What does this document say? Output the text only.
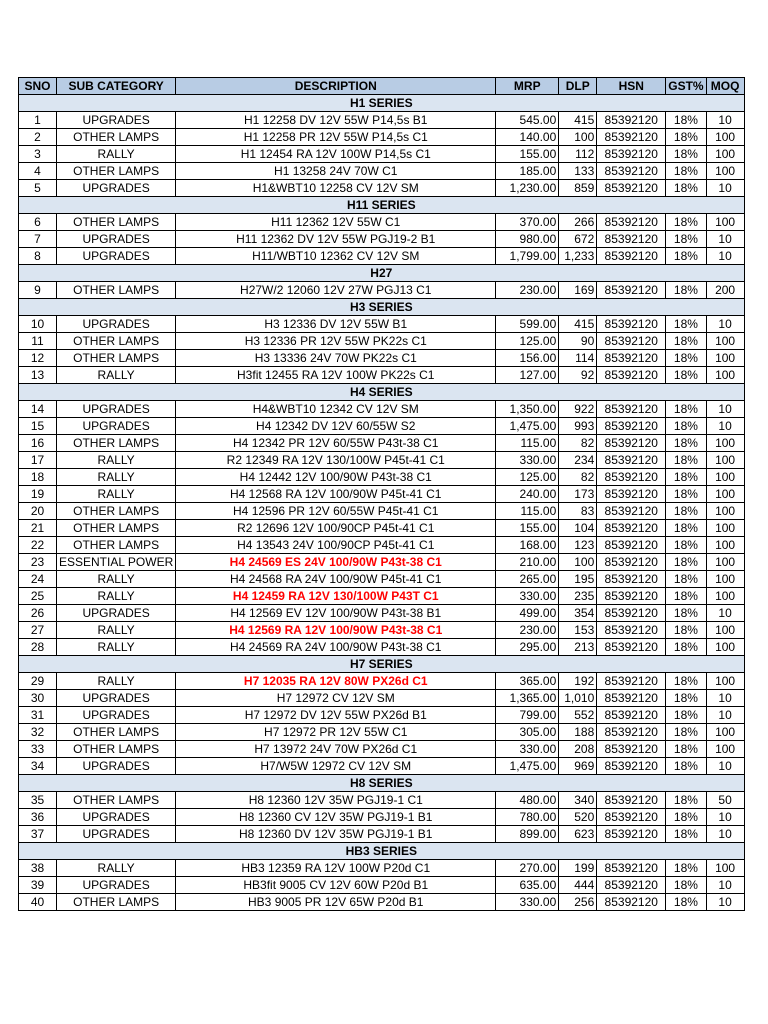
SNO	SUB CATEGORY	DESCRIPTION	MRP	DLP	HSN	GST%	MOQ
H1 SERIES							
1	UPGRADES	H1 12258 DV 12V 55W P14,5s B1	545.00	415	85392120	18%	10
2	OTHER LAMPS	H1 12258 PR 12V 55W P14,5s C1	140.00	100	85392120	18%	100
3	RALLY	H1 12454 RA 12V 100W P14,5s C1	155.00	112	85392120	18%	100
4	OTHER LAMPS	H1 13258 24V 70W C1	185.00	133	85392120	18%	100
5	UPGRADES	H1&WBT10 12258 CV 12V SM	1,230.00	859	85392120	18%	10
H11 SERIES							
6	OTHER LAMPS	H11 12362 12V 55W C1	370.00	266	85392120	18%	100
7	UPGRADES	H11 12362 DV 12V 55W PGJ19-2 B1	980.00	672	85392120	18%	10
8	UPGRADES	H11/WBT10 12362 CV 12V SM	1,799.00	1,233	85392120	18%	10
H27							
9	OTHER LAMPS	H27W/2 12060 12V 27W PGJ13 C1	230.00	169	85392120	18%	200
H3 SERIES							
10	UPGRADES	H3 12336 DV 12V 55W B1	599.00	415	85392120	18%	10
11	OTHER LAMPS	H3 12336 PR 12V 55W PK22s C1	125.00	90	85392120	18%	100
12	OTHER LAMPS	H3 13336 24V 70W PK22s C1	156.00	114	85392120	18%	100
13	RALLY	H3fit 12455 RA 12V 100W PK22s C1	127.00	92	85392120	18%	100
H4 SERIES							
14	UPGRADES	H4&WBT10 12342 CV 12V SM	1,350.00	922	85392120	18%	10
15	UPGRADES	H4 12342 DV 12V 60/55W S2	1,475.00	993	85392120	18%	10
16	OTHER LAMPS	H4 12342 PR 12V 60/55W P43t-38 C1	115.00	82	85392120	18%	100
17	RALLY	R2 12349 RA 12V 130/100W P45t-41 C1	330.00	234	85392120	18%	100
18	RALLY	H4 12442 12V 100/90W P43t-38 C1	125.00	82	85392120	18%	100
19	RALLY	H4 12568 RA 12V 100/90W P45t-41 C1	240.00	173	85392120	18%	100
20	OTHER LAMPS	H4 12596 PR 12V 60/55W P45t-41 C1	115.00	83	85392120	18%	100
21	OTHER LAMPS	R2 12696 12V 100/90CP P45t-41 C1	155.00	104	85392120	18%	100
22	OTHER LAMPS	H4 13543 24V 100/90CP P45t-41 C1	168.00	123	85392120	18%	100
23	ESSENTIAL POWER	H4 24569 ES 24V 100/90W P43t-38 C1	210.00	100	85392120	18%	100
24	RALLY	H4 24568 RA 24V 100/90W P45t-41 C1	265.00	195	85392120	18%	100
25	RALLY	H4 12459 RA 12V 130/100W P43T C1	330.00	235	85392120	18%	100
26	UPGRADES	H4 12569 EV 12V 100/90W P43t-38 B1	499.00	354	85392120	18%	10
27	RALLY	H4 12569 RA 12V 100/90W P43t-38 C1	230.00	153	85392120	18%	100
28	RALLY	H4 24569 RA 24V 100/90W P43t-38 C1	295.00	213	85392120	18%	100
H7 SERIES							
29	RALLY	H7 12035 RA 12V 80W PX26d C1	365.00	192	85392120	18%	100
30	UPGRADES	H7 12972 CV 12V SM	1,365.00	1,010	85392120	18%	10
31	UPGRADES	H7 12972 DV 12V 55W PX26d B1	799.00	552	85392120	18%	10
32	OTHER LAMPS	H7 12972 PR 12V 55W C1	305.00	188	85392120	18%	100
33	OTHER LAMPS	H7 13972 24V 70W PX26d C1	330.00	208	85392120	18%	100
34	UPGRADES	H7/W5W 12972 CV 12V SM	1,475.00	969	85392120	18%	10
H8 SERIES							
35	OTHER LAMPS	H8 12360 12V 35W PGJ19-1 C1	480.00	340	85392120	18%	50
36	UPGRADES	H8 12360 CV 12V 35W PGJ19-1 B1	780.00	520	85392120	18%	10
37	UPGRADES	H8 12360 DV 12V 35W PGJ19-1 B1	899.00	623	85392120	18%	10
HB3 SERIES							
38	RALLY	HB3 12359 RA 12V 100W P20d C1	270.00	199	85392120	18%	100
39	UPGRADES	HB3fit 9005 CV 12V 60W P20d B1	635.00	444	85392120	18%	10
40	OTHER LAMPS	HB3 9005 PR 12V 65W P20d B1	330.00	256	85392120	18%	10
